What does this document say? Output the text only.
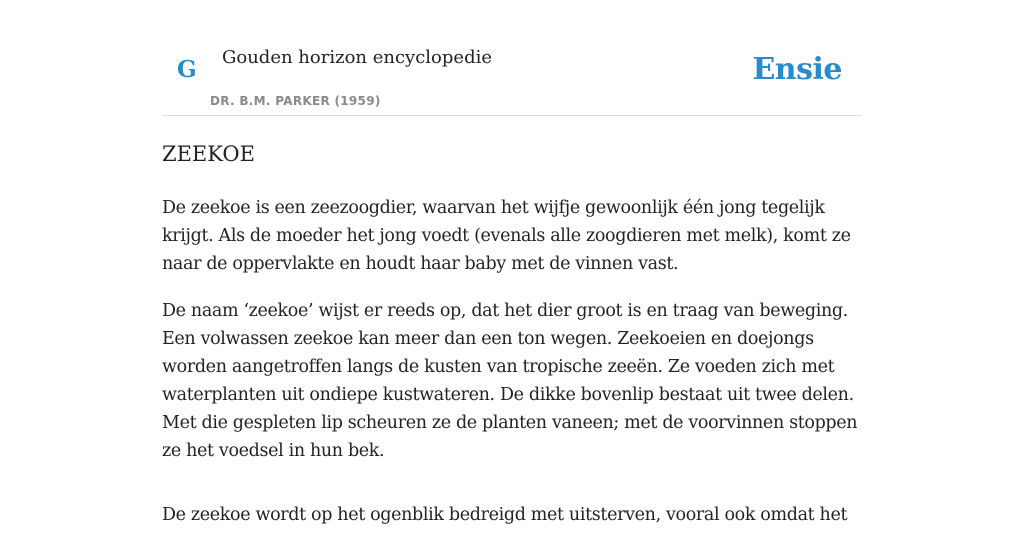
G Gouden horizon encyclopedie
DR. B.M. PARKER (1959)
Ensie
ZEEKOE

De zeekoe is een zeezoogdier, waarvan het wijfje gewoonlijk één jong tegelijk krijgt. Als de moeder het jong voedt (evenals alle zoogdieren met melk), komt ze naar de oppervlakte en houdt haar baby met de vinnen vast.

De naam ‘zeekoe’ wijst er reeds op, dat het dier groot is en traag van beweging. Een volwassen zeekoe kan meer dan een ton wegen. Zeekoeien en doejongs worden aangetroffen langs de kusten van tropische zeeën. Ze voeden zich met waterplanten uit ondiepe kustwateren. De dikke bovenlip bestaat uit twee delen. Met die gespleten lip scheuren ze de planten vaneen; met de voorvinnen stoppen ze het voedsel in hun bek.

De zeekoe wordt op het ogenblik bedreigd met uitsterven, vooral ook omdat het
